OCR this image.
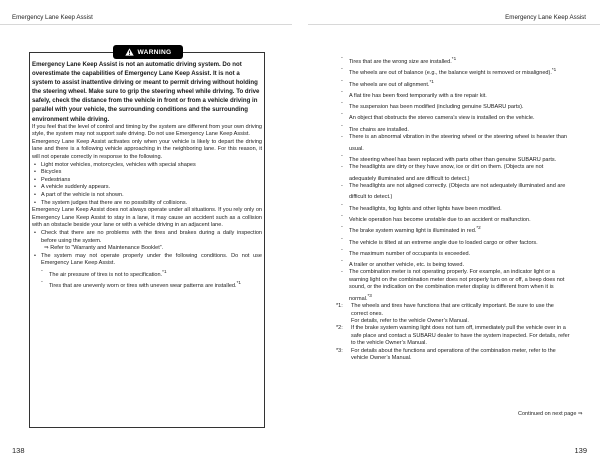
Emergency Lane Keep Assist	Emergency Lane Keep Assist
WARNING

Emergency Lane Keep Assist is not an automatic driving system. Do not overestimate the capabilities of Emergency Lane Keep Assist. It is not a system to assist inattentive driving or meant to permit driving without holding the steering wheel. Make sure to grip the steering wheel while driving. To drive safely, check the distance from the vehicle in front or from a vehicle driving in parallel with your vehicle, the surrounding conditions and the surrounding environment while driving.

If you feel that the level of control and timing by the system are different from your own driving style, the system may not support safe driving. Do not use Emergency Lane Keep Assist.

Emergency Lane Keep Assist activates only when your vehicle is likely to depart the driving lane and there is a following vehicle approaching in the neighboring lane. For this reason, it will not operate correctly in response to the following.

• Light motor vehicles, motorcycles, vehicles with special shapes

• Bicycles

• Pedestrians

• A vehicle suddenly appears.

• A part of the vehicle is not shown.

• The system judges that there are no possibility of collisions.

Emergency Lane Keep Assist does not always operate under all situations. If you rely only on Emergency Lane Keep Assist to stay in a lane, it may cause an accident such as a collision with an obstacle beside your lane or with a vehicle driving in an adjacent lane.

• Check that there are no problems with the tires and brakes during a daily inspection before using the system.

⇒ Refer to “Warranty and Maintenance Booklet”.

• The system may not operate properly under the following conditions. Do not use Emergency Lane Keep Assist.

- The air pressure of tires is not to specification.$^{*1}$

- Tires that are unevenly worn or tires with uneven wear patterns are installed.$^{*1}$

- Tires that are the wrong size are installed.$^{*1}$

- The wheels are out of balance (e.g., the balance weight is removed or misaligned).$^{*1}$

- The wheels are out of alignment.$^{*1}$

- A flat tire has been fixed temporarily with a tire repair kit.

- The suspension has been modified (including genuine SUBARU parts).

- An object that obstructs the stereo camera’s view is installed on the vehicle.

- Tire chains are installed.

- There is an abnormal vibration in the steering wheel or the steering wheel is heavier than usual.

- The steering wheel has been replaced with parts other than genuine SUBARU parts.

- The headlights are dirty or they have snow, ice or dirt on them. (Objects are not adequately illuminated and are difficult to detect.)

- The headlights are not aligned correctly. (Objects are not adequately illuminated and are difficult to detect.)

- The headlights, fog lights and other lights have been modified.

- Vehicle operation has become unstable due to an accident or malfunction.

- The brake system warning light is illuminated in red.$^{*2}$

- The vehicle is tilted at an extreme angle due to loaded cargo or other factors.

- The maximum number of occupants is exceeded.

- A trailer or another vehicle, etc. is being towed.

- The combination meter is not operating properly. For example, an indicator light or a warning light on the combination meter does not properly turn on or off, a beep does not sound, or the indication on the combination meter display is different from when it is normal.$^{*3}$

*1: The wheels and tires have functions that are critically important. Be sure to use the correct ones.
For details, refer to the vehicle Owner’s Manual.

*2: If the brake system warning light does not turn off, immediately pull the vehicle over in a safe place and contact a SUBARU dealer to have the system inspected. For details, refer to the vehicle Owner’s Manual.

*3: For details about the functions and operations of the combination meter, refer to the vehicle Owner’s Manual.

Continued on next page ⇒
138	139
